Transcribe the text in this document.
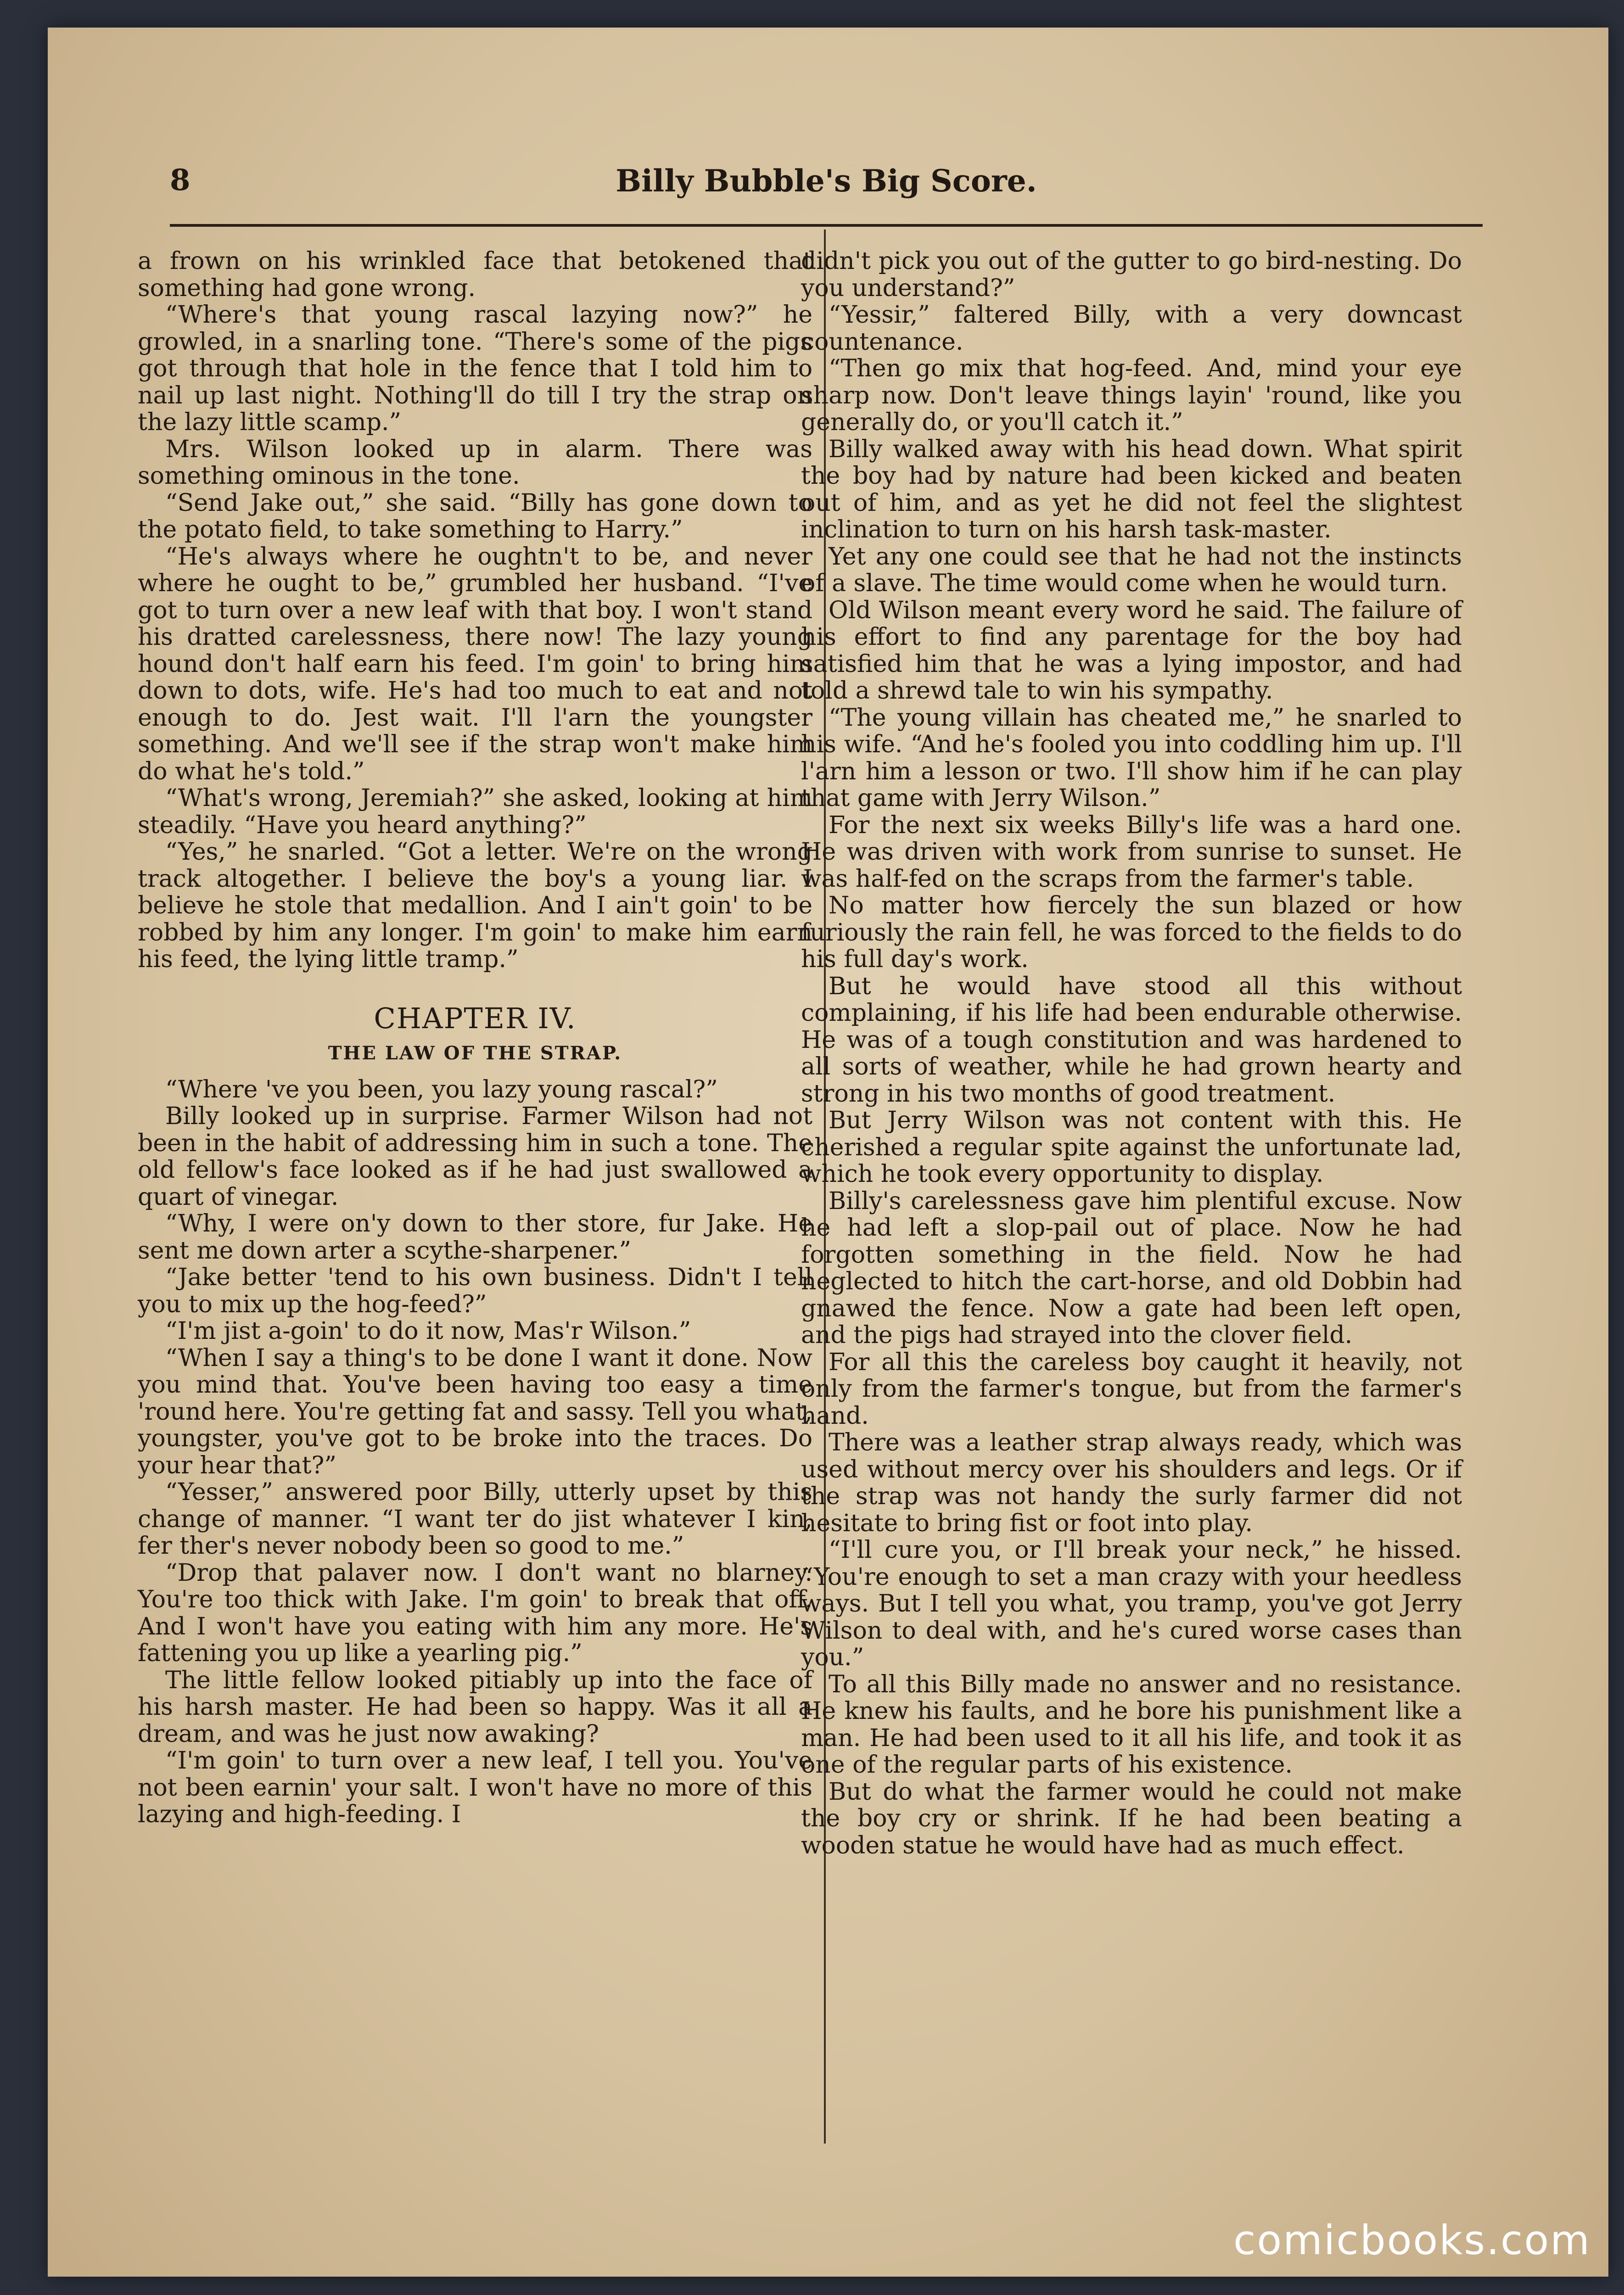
8	Billy Bubble's Big Score.

a frown on his wrinkled face that betokened that something had gone wrong.

“Where's that young rascal lazying now?” he growled, in a snarling tone. “There's some of the pigs got through that hole in the fence that I told him to nail up last night. Nothing'll do till I try the strap on the lazy little scamp.”

Mrs. Wilson looked up in alarm. There was something ominous in the tone.

“Send Jake out,” she said. “Billy has gone down to the potato field, to take something to Harry.”

“He's always where he oughtn't to be, and never where he ought to be,” grumbled her husband. “I've got to turn over a new leaf with that boy. I won't stand his dratted carelessness, there now! The lazy young hound don't half earn his feed. I'm goin' to bring him down to dots, wife. He's had too much to eat and not enough to do. Jest wait. I'll l'arn the youngster something. And we'll see if the strap won't make him do what he's told.”

“What's wrong, Jeremiah?” she asked, looking at him steadily. “Have you heard anything?”

“Yes,” he snarled. “Got a letter. We're on the wrong track altogether. I believe the boy's a young liar. I believe he stole that medallion. And I ain't goin' to be robbed by him any longer. I'm goin' to make him earn his feed, the lying little tramp.”

CHAPTER IV.
THE LAW OF THE STRAP.

“Where 've you been, you lazy young rascal?”

Billy looked up in surprise. Farmer Wilson had not been in the habit of addressing him in such a tone. The old fellow's face looked as if he had just swallowed a quart of vinegar.

“Why, I were on'y down to ther store, fur Jake. He sent me down arter a scythe-sharpener.”

“Jake better 'tend to his own business. Didn't I tell you to mix up the hog-feed?”

“I'm jist a-goin' to do it now, Mas'r Wilson.”

“When I say a thing's to be done I want it done. Now you mind that. You've been having too easy a time 'round here. You're getting fat and sassy. Tell you what, youngster, you've got to be broke into the traces. Do your hear that?”

“Yesser,” answered poor Billy, utterly upset by this change of manner. “I want ter do jist whatever I kin, fer ther's never nobody been so good to me.”

“Drop that palaver now. I don't want no blarney. You're too thick with Jake. I'm goin' to break that off. And I won't have you eating with him any more. He's fattening you up like a yearling pig.”

The little fellow looked pitiably up into the face of his harsh master. He had been so happy. Was it all a dream, and was he just now awaking?

“I'm goin' to turn over a new leaf, I tell you. You've not been earnin' your salt. I won't have no more of this lazying and high-feeding. I

didn't pick you out of the gutter to go bird-nesting. Do you understand?”

“Yessir,” faltered Billy, with a very downcast countenance.

“Then go mix that hog-feed. And, mind your eye sharp now. Don't leave things layin' 'round, like you generally do, or you'll catch it.”

Billy walked away with his head down. What spirit the boy had by nature had been kicked and beaten out of him, and as yet he did not feel the slightest inclination to turn on his harsh task-master.

Yet any one could see that he had not the instincts of a slave. The time would come when he would turn.

Old Wilson meant every word he said. The failure of his effort to find any parentage for the boy had satisfied him that he was a lying impostor, and had told a shrewd tale to win his sympathy.

“The young villain has cheated me,” he snarled to his wife. “And he's fooled you into coddling him up. I'll l'arn him a lesson or two. I'll show him if he can play that game with Jerry Wilson.”

For the next six weeks Billy's life was a hard one. He was driven with work from sunrise to sunset. He was half-fed on the scraps from the farmer's table.

No matter how fiercely the sun blazed or how furiously the rain fell, he was forced to the fields to do his full day's work.

But he would have stood all this without complaining, if his life had been endurable otherwise. He was of a tough constitution and was hardened to all sorts of weather, while he had grown hearty and strong in his two months of good treatment.

But Jerry Wilson was not content with this. He cherished a regular spite against the unfortunate lad, which he took every opportunity to display.

Billy's carelessness gave him plentiful excuse. Now he had left a slop-pail out of place. Now he had forgotten something in the field. Now he had neglected to hitch the cart-horse, and old Dobbin had gnawed the fence. Now a gate had been left open, and the pigs had strayed into the clover field.

For all this the careless boy caught it heavily, not only from the farmer's tongue, but from the farmer's hand.

There was a leather strap always ready, which was used without mercy over his shoulders and legs. Or if the strap was not handy the surly farmer did not hesitate to bring fist or foot into play.

“I'll cure you, or I'll break your neck,” he hissed. “You're enough to set a man crazy with your heedless ways. But I tell you what, you tramp, you've got Jerry Wilson to deal with, and he's cured worse cases than you.”

To all this Billy made no answer and no resistance. He knew his faults, and he bore his punishment like a man. He had been used to it all his life, and took it as one of the regular parts of his existence.

But do what the farmer would he could not make the boy cry or shrink. If he had been beating a wooden statue he would have had as much effect.

comicbooks.com
